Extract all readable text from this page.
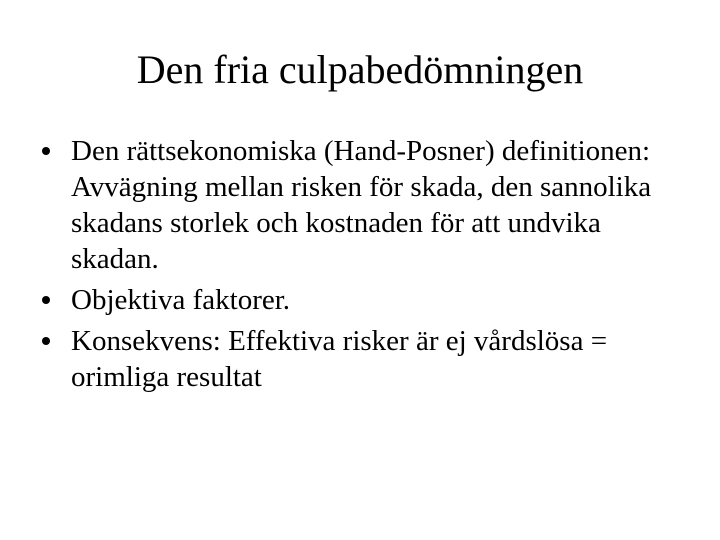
Den fria culpabedömningen
Den rättsekonomiska (Hand-Posner) definitionen: Avvägning mellan risken för skada, den sannolika skadans storlek och kostnaden för att undvika skadan.
Objektiva faktorer.
Konsekvens: Effektiva risker är ej vårdslösa = orimliga resultat
